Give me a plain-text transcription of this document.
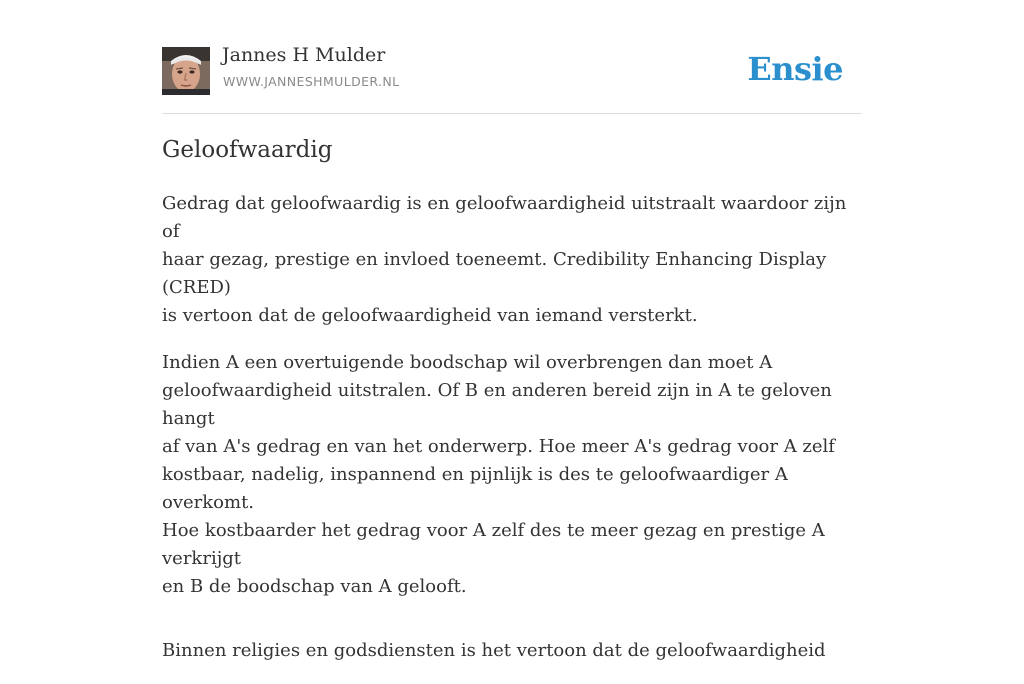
Jannes H Mulder
WWW.JANNESHMULDER.NL	Ensie
Geloofwaardig

Gedrag dat geloofwaardig is en geloofwaardigheid uitstraalt waardoor zijn of
haar gezag, prestige en invloed toeneemt. Credibility Enhancing Display (CRED)
is vertoon dat de geloofwaardigheid van iemand versterkt.

Indien A een overtuigende boodschap wil overbrengen dan moet A
geloofwaardigheid uitstralen. Of B en anderen bereid zijn in A te geloven hangt
af van A's gedrag en van het onderwerp. Hoe meer A's gedrag voor A zelf
kostbaar, nadelig, inspannend en pijnlijk is des te geloofwaardiger A overkomt.
Hoe kostbaarder het gedrag voor A zelf des te meer gezag en prestige A verkrijgt
en B de boodschap van A gelooft.

Binnen religies en godsdiensten is het vertoon dat de geloofwaardigheid
